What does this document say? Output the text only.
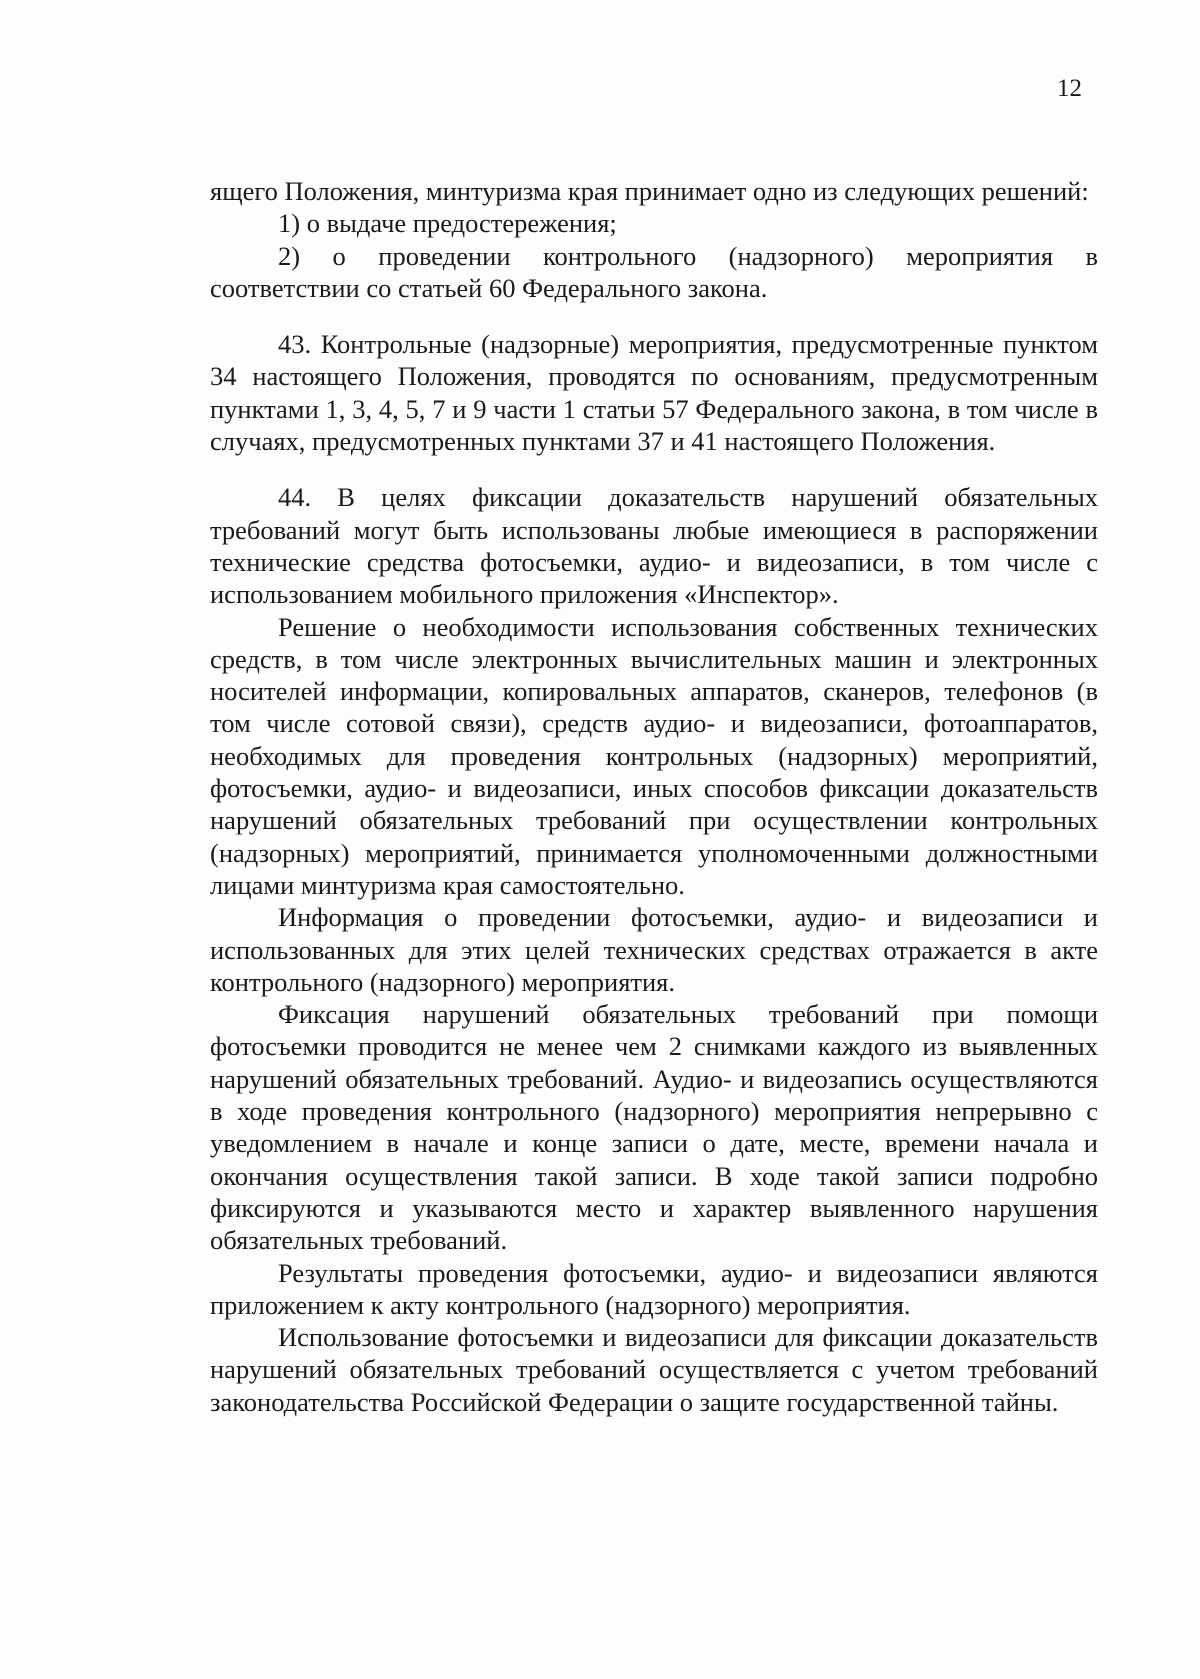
12

ящего Положения, минтуризма края принимает одно из следующих решений:

1) о выдаче предостережения;

2) о проведении контрольного (надзорного) мероприятия в соответствии со статьей 60 Федерального закона.

43. Контрольные (надзорные) мероприятия, предусмотренные пунктом 34 настоящего Положения, проводятся по основаниям, предусмотренным пунктами 1, 3, 4, 5, 7 и 9 части 1 статьи 57 Федерального закона, в том числе в случаях, предусмотренных пунктами 37 и 41 настоящего Положения.

44. В целях фиксации доказательств нарушений обязательных требований могут быть использованы любые имеющиеся в распоряжении технические средства фотосъемки, аудио- и видеозаписи, в том числе с использованием мобильного приложения «Инспектор».

Решение о необходимости использования собственных технических средств, в том числе электронных вычислительных машин и электронных носителей информации, копировальных аппаратов, сканеров, телефонов (в том числе сотовой связи), средств аудио- и видеозаписи, фотоаппаратов, необходимых для проведения контрольных (надзорных) мероприятий, фотосъемки, аудио- и видеозаписи, иных способов фиксации доказательств нарушений обязательных требований при осуществлении контрольных (надзорных) мероприятий, принимается уполномоченными должностными лицами минтуризма края самостоятельно.

Информация о проведении фотосъемки, аудио- и видеозаписи и использованных для этих целей технических средствах отражается в акте контрольного (надзорного) мероприятия.

Фиксация нарушений обязательных требований при помощи фотосъемки проводится не менее чем 2 снимками каждого из выявленных нарушений обязательных требований. Аудио- и видеозапись осуществляются в ходе проведения контрольного (надзорного) мероприятия непрерывно с уведомлением в начале и конце записи о дате, месте, времени начала и окончания осуществления такой записи. В ходе такой записи подробно фиксируются и указываются место и характер выявленного нарушения обязательных требований.

Результаты проведения фотосъемки, аудио- и видеозаписи являются приложением к акту контрольного (надзорного) мероприятия.

Использование фотосъемки и видеозаписи для фиксации доказательств нарушений обязательных требований осуществляется с учетом требований законодательства Российской Федерации о защите государственной тайны.
